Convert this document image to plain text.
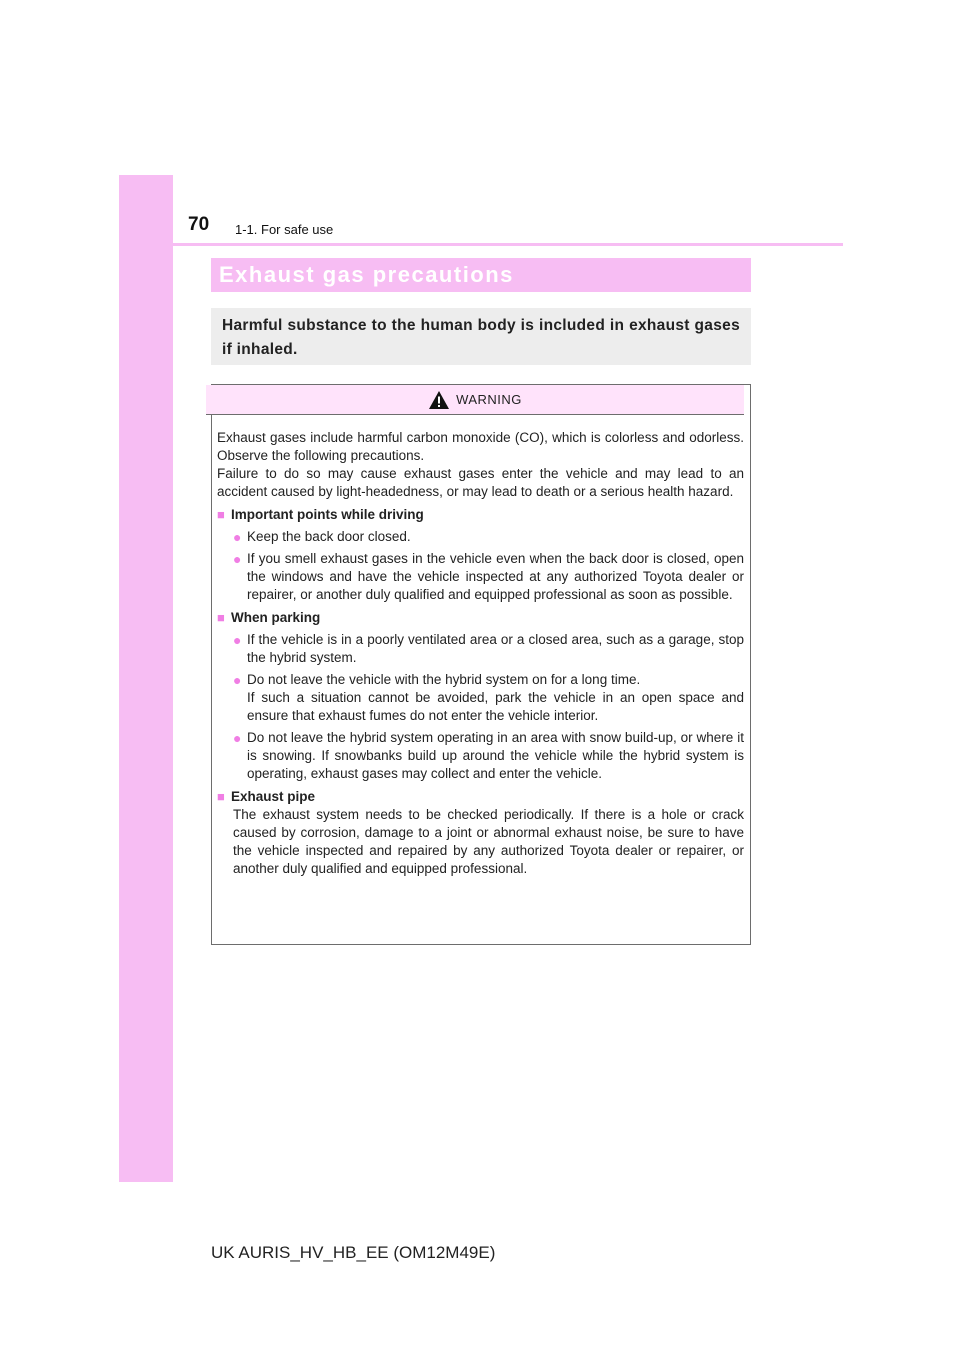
70 1-1. For safe use
Exhaust gas precautions
Harmful substance to the human body is included in exhaust gases if inhaled.
WARNING

Exhaust gases include harmful carbon monoxide (CO), which is colorless and odorless. Observe the following precautions.

Failure to do so may cause exhaust gases enter the vehicle and may lead to an accident caused by light-headedness, or may lead to death or a serious health hazard.

■ Important points while driving
● Keep the back door closed.
● If you smell exhaust gases in the vehicle even when the back door is closed, open the windows and have the vehicle inspected at any authorized Toyota dealer or repairer, or another duly qualified and equipped professional as soon as possible.
■ When parking
● If the vehicle is in a poorly ventilated area or a closed area, such as a garage, stop the hybrid system.
● Do not leave the vehicle with the hybrid system on for a long time.
If such a situation cannot be avoided, park the vehicle in an open space and ensure that exhaust fumes do not enter the vehicle interior.
● Do not leave the hybrid system operating in an area with snow build-up, or where it is snowing. If snowbanks build up around the vehicle while the hybrid system is operating, exhaust gases may collect and enter the vehicle.
■ Exhaust pipe

The exhaust system needs to be checked periodically. If there is a hole or crack caused by corrosion, damage to a joint or abnormal exhaust noise, be sure to have the vehicle inspected and repaired by any authorized Toyota dealer or repairer, or another duly qualified and equipped professional.

UK AURIS_HV_HB_EE (OM12M49E)
